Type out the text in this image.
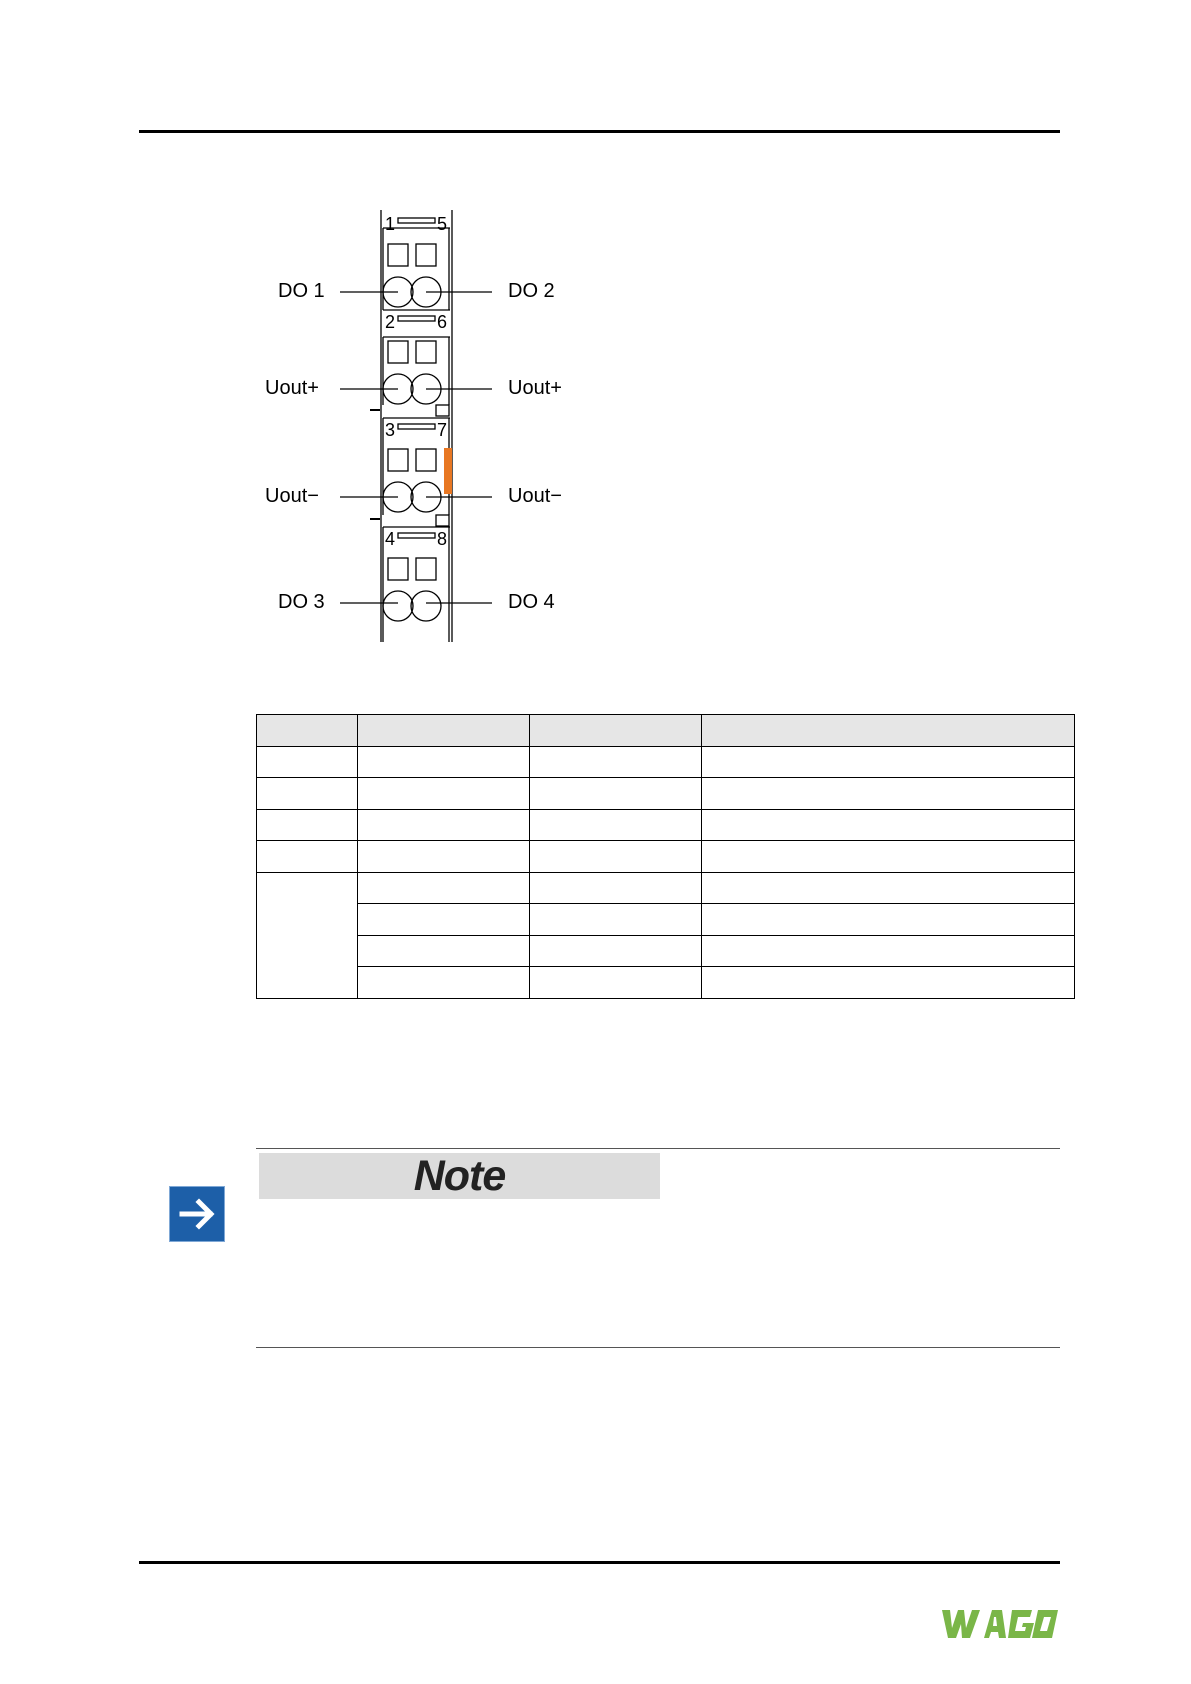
1 5
2 6
3 7
4 8
DO 1	DO 2
Uout+	Uout+
Uout−	Uout−
DO 3	DO 4

Note
